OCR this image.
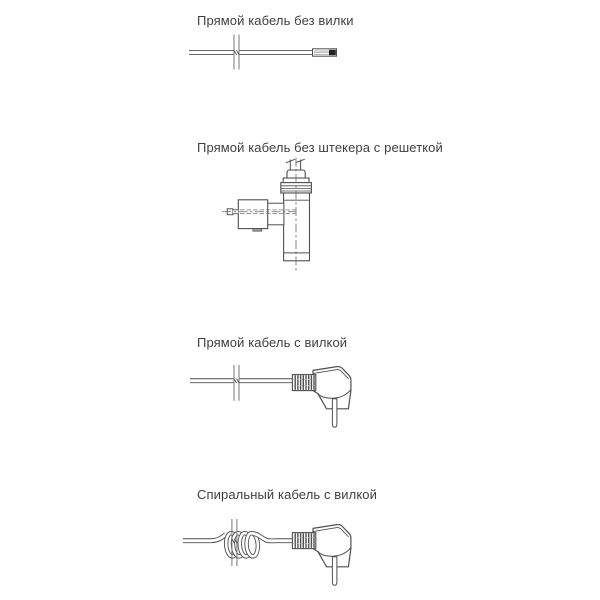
Прямой кабель без вилки
Прямой кабель без штекера с решеткой
Прямой кабель с вилкой
Спиральный кабель с вилкой
